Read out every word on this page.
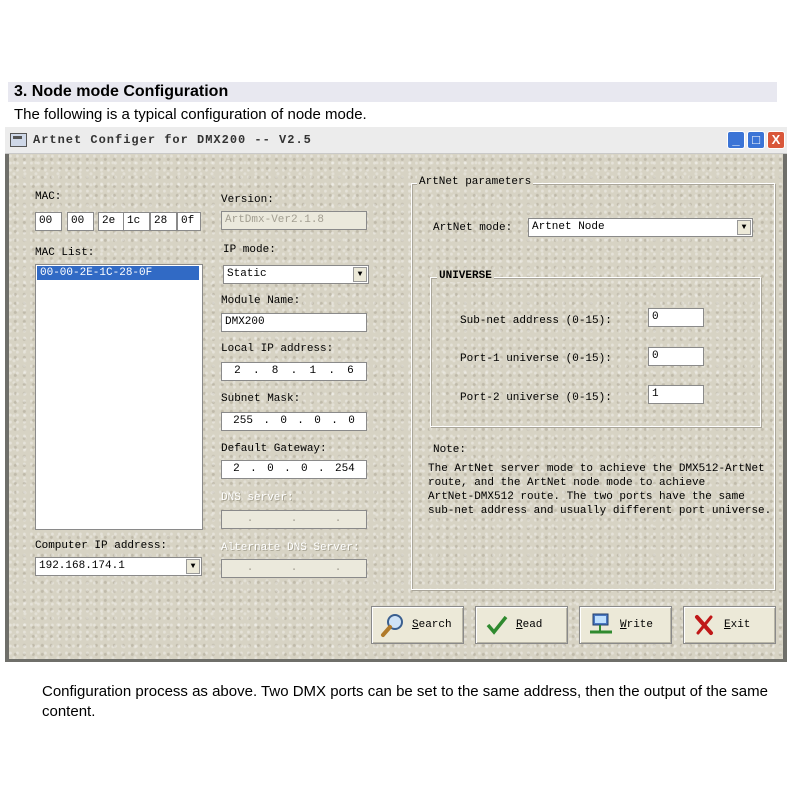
3. Node mode Configuration
The following is a typical configuration of node mode.
Artnet Configer for DMX200 -- V2.5	_ □ X
MAC:
00	00	2e	1c	28	0f
MAC List:
00-00-2E-1C-28-0F
Computer IP address:
192.168.174.1	▼
Version:
ArtDmx-Ver2.1.8
IP mode:
Static	▼
Module Name:
DMX200
Local IP address:
2 . 8 . 1 . 6
Subnet Mask:
255 . 0 . 0 . 0
Default Gateway:
2 . 0 . 0 . 254
DNS server:
.	.	.
Alternate DNS Server:
.	.	.
ArtNet parameters
ArtNet mode:	Artnet Node	▼
UNIVERSE
Sub-net address (0-15):	0
Port-1 universe (0-15):	0
Port-2 universe (0-15):	1
Note:
The ArtNet server mode to achieve the DMX512-ArtNet
route, and the ArtNet node mode to achieve
ArtNet-DMX512 route. The two ports have the same
sub-net address and usually different port universe.
Search	Read	Write	Exit
Configuration process as above. Two DMX ports can be set to the same address, then the output of the same content.
